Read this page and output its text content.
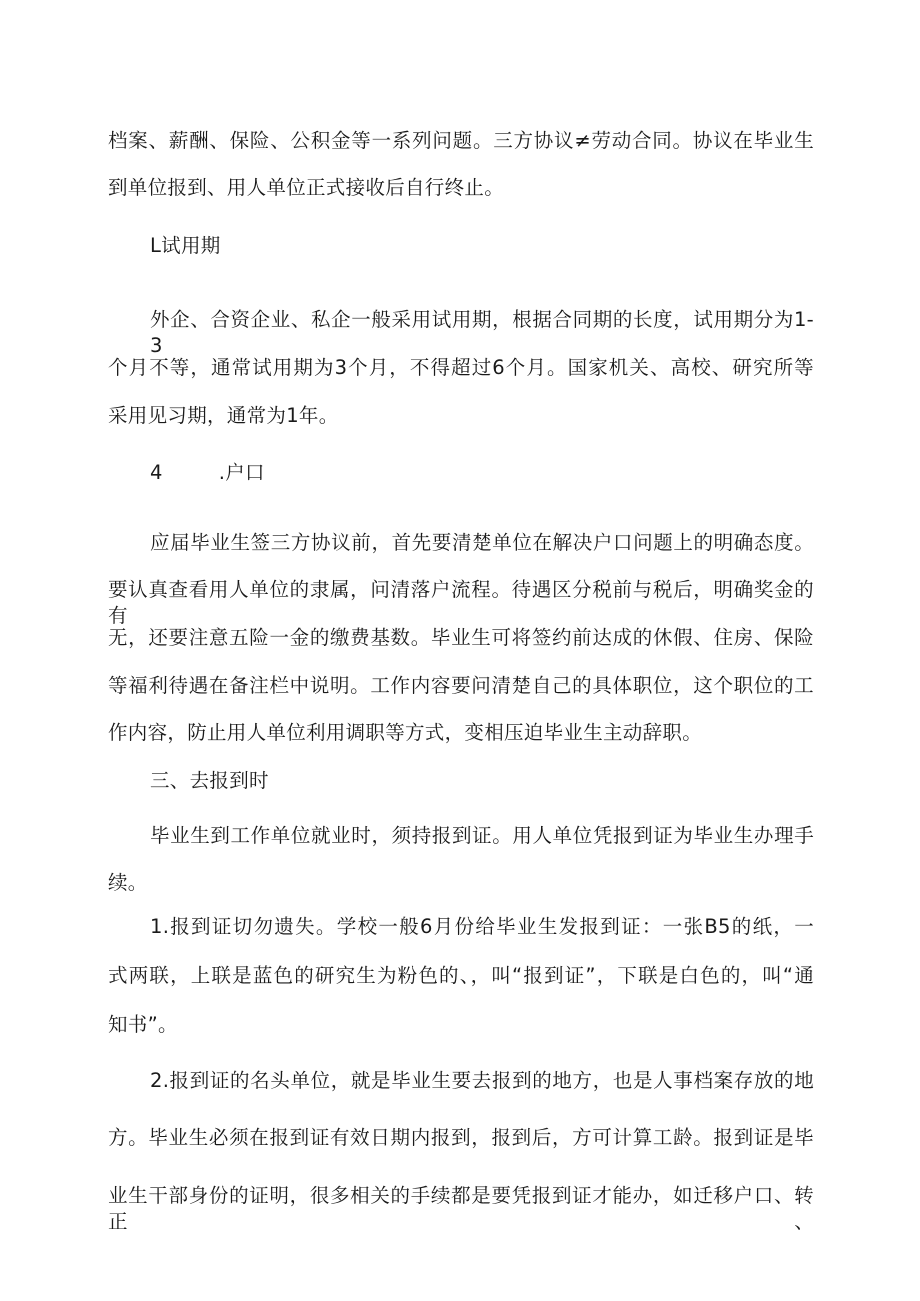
档案、薪酬、保险、公积金等一系列问题。三方协议≠劳动合同。协议在毕业生
到单位报到、用人单位正式接收后自行终止。
L试用期
外企、合资企业、私企一般采用试用期，根据合同期的长度，试用期分为1-3
个月不等，通常试用期为3个月，不得超过6个月。国家机关、高校、研究所等
采用见习期，通常为1年。
4	.户口
应届毕业生签三方协议前，首先要清楚单位在解决户口问题上的明确态度。
要认真查看用人单位的隶属，问清落户流程。待遇区分税前与税后，明确奖金的有
无，还要注意五险一金的缴费基数。毕业生可将签约前达成的休假、住房、保险
等福利待遇在备注栏中说明。工作内容要问清楚自己的具体职位，这个职位的工
作内容，防止用人单位利用调职等方式，变相压迫毕业生主动辞职。
三、去报到时
毕业生到工作单位就业时，须持报到证。用人单位凭报到证为毕业生办理手
续。
1.报到证切勿遗失。学校一般6月份给毕业生发报到证：一张B5的纸，一
式两联，上联是蓝色的研究生为粉色的、，叫“报到证”，下联是白色的，叫“通
知书”。
2.报到证的名头单位，就是毕业生要去报到的地方，也是人事档案存放的地
方。毕业生必须在报到证有效日期内报到，报到后，方可计算工龄。报到证是毕
业生干部身份的证明，很多相关的手续都是要凭报到证才能办，如迁移户口、转正、
